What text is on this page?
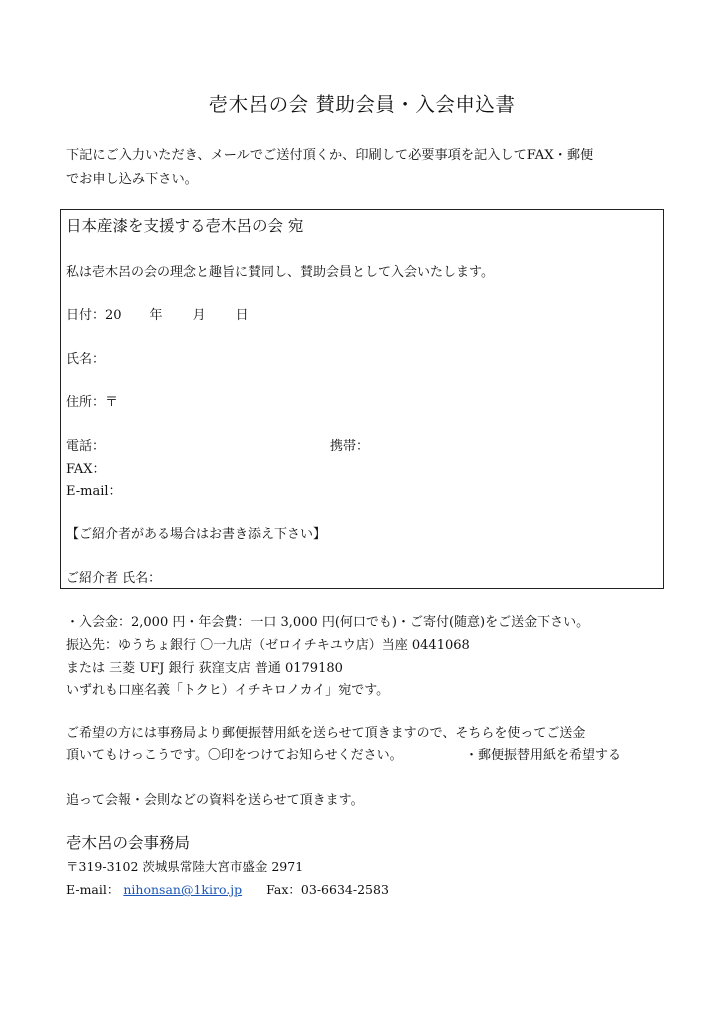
壱木呂の会 賛助会員・入会申込書
下記にご入力いただき、メールでご送付頂くか、印刷して必要事項を記入してFAX・郵便
でお申し込み下さい。
日本産漆を支援する壱木呂の会 宛
私は壱木呂の会の理念と趣旨に賛同し、賛助会員として入会いたします。
日付：20 年 月 日
氏名：
住所：〒
電話：	携帯：
FAX：
E-mail：
【ご紹介者がある場合はお書き添え下さい】
ご紹介者 氏名：
・入会金：2,000 円・年会費：一口 3,000 円(何口でも)・ご寄付(随意)をご送金下さい。
振込先：ゆうちょ銀行 〇一九店（ゼロイチキユウ店）当座 0441068
または 三菱 UFJ 銀行 荻窪支店 普通 0179180
いずれも口座名義「トクヒ）イチキロノカイ」宛です。
ご希望の方には事務局より郵便振替用紙を送らせて頂きますので、そちらを使ってご送金
頂いてもけっこうです。〇印をつけてお知らせください。	・郵便振替用紙を希望する
追って会報・会則などの資料を送らせて頂きます。
壱木呂の会事務局
〒319-3102 茨城県常陸大宮市盛金 2971
E-mail： nihonsan@1kiro.jp Fax：03-6634-2583
